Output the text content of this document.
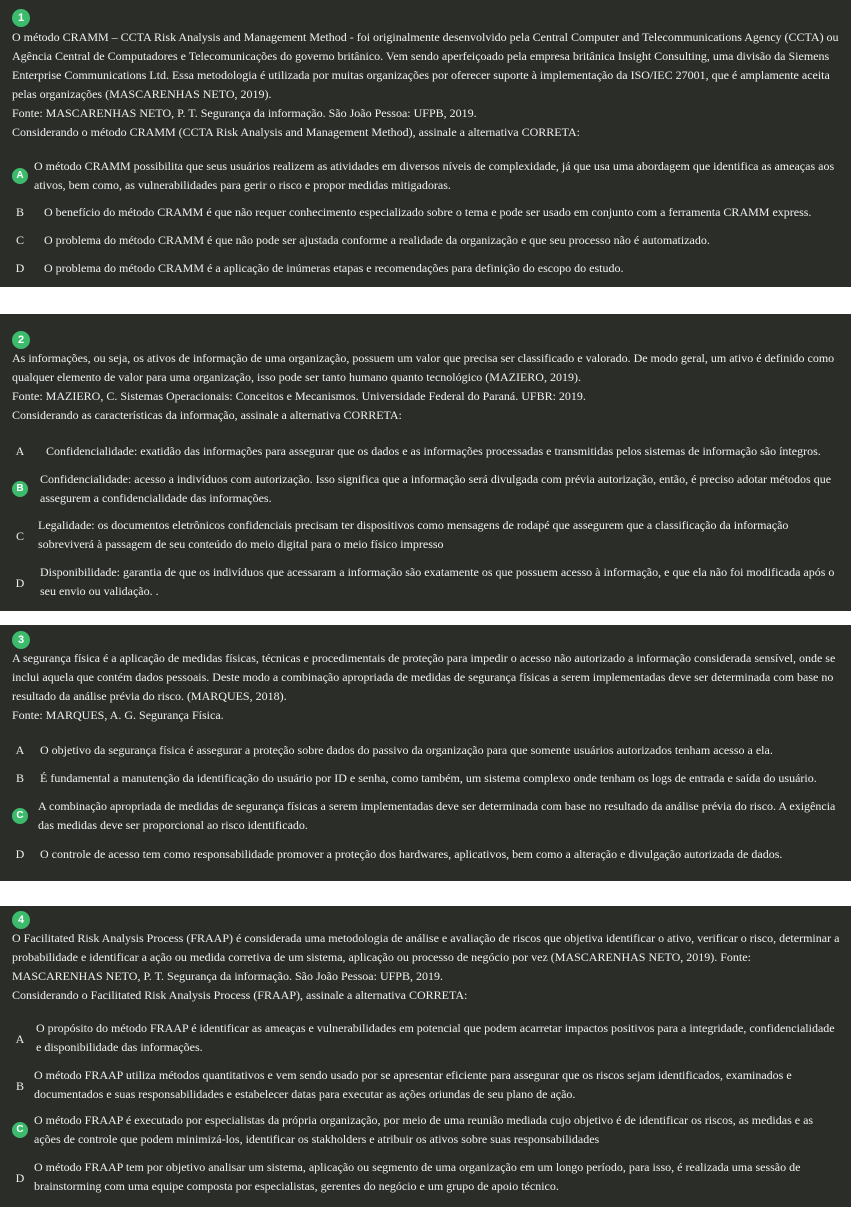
1

O método CRAMM – CCTA Risk Analysis and Management Method - foi originalmente desenvolvido pela Central Computer and Telecommunications Agency (CCTA) ou Agência Central de Computadores e Telecomunicações do governo britânico. Vem sendo aperfeiçoado pela empresa britânica Insight Consulting, uma divisão da Siemens Enterprise Communications Ltd. Essa metodologia é utilizada por muitas organizações por oferecer suporte à implementação da ISO/IEC 27001, que é amplamente aceita pelas organizações (MASCARENHAS NETO, 2019).

Fonte: MASCARENHAS NETO, P. T. Segurança da informação. São João Pessoa: UFPB, 2019.

Considerando o método CRAMM (CCTA Risk Analysis and Management Method), assinale a alternativa CORRETA:

A
O método CRAMM possibilita que seus usuários realizem as atividades em diversos níveis de complexidade, já que usa uma abordagem que identifica as ameaças aos ativos, bem como, as vulnerabilidades para gerir o risco e propor medidas mitigadoras.
B	O benefício do método CRAMM é que não requer conhecimento especializado sobre o tema e pode ser usado em conjunto com a ferramenta CRAMM express.
C	O problema do método CRAMM é que não pode ser ajustada conforme a realidade da organização e que seu processo não é automatizado.
D	O problema do método CRAMM é a aplicação de inúmeras etapas e recomendações para definição do escopo do estudo.
2

As informações, ou seja, os ativos de informação de uma organização, possuem um valor que precisa ser classificado e valorado. De modo geral, um ativo é definido como qualquer elemento de valor para uma organização, isso pode ser tanto humano quanto tecnológico (MAZIERO, 2019).

Fonte: MAZIERO, C. Sistemas Operacionais: Conceitos e Mecanismos. Universidade Federal do Paraná. UFBR: 2019.

Considerando as características da informação, assinale a alternativa CORRETA:

A	Confidencialidade: exatidão das informações para assegurar que os dados e as informações processadas e transmitidas pelos sistemas de informação são íntegros.
B
Confidencialidade: acesso a indivíduos com autorização. Isso significa que a informação será divulgada com prévia autorização, então, é preciso adotar métodos que assegurem a confidencialidade das informações.
C
Legalidade: os documentos eletrônicos confidenciais precisam ter dispositivos como mensagens de rodapé que assegurem que a classificação da informação sobreviverá à passagem de seu conteúdo do meio digital para o meio físico impresso
D
Disponibilidade: garantia de que os indivíduos que acessaram a informação são exatamente os que possuem acesso à informação, e que ela não foi modificada após o seu envio ou validação. .
3

A segurança física é a aplicação de medidas físicas, técnicas e procedimentais de proteção para impedir o acesso não autorizado a informação considerada sensível, onde se inclui aquela que contém dados pessoais. Deste modo a combinação apropriada de medidas de segurança físicas a serem implementadas deve ser determinada com base no resultado da análise prévia do risco. (MARQUES, 2018).

Fonte: MARQUES, A. G. Segurança Física.

A	O objetivo da segurança física é assegurar a proteção sobre dados do passivo da organização para que somente usuários autorizados tenham acesso a ela.
B	É fundamental a manutenção da identificação do usuário por ID e senha, como também, um sistema complexo onde tenham os logs de entrada e saída do usuário.
C
A combinação apropriada de medidas de segurança físicas a serem implementadas deve ser determinada com base no resultado da análise prévia do risco. A exigência das medidas deve ser proporcional ao risco identificado.
D	O controle de acesso tem como responsabilidade promover a proteção dos hardwares, aplicativos, bem como a alteração e divulgação autorizada de dados.
4

O Facilitated Risk Analysis Process (FRAAP) é considerada uma metodologia de análise e avaliação de riscos que objetiva identificar o ativo, verificar o risco, determinar a probabilidade e identificar a ação ou medida corretiva de um sistema, aplicação ou processo de negócio por vez (MASCARENHAS NETO, 2019). Fonte: MASCARENHAS NETO, P. T. Segurança da informação. São João Pessoa: UFPB, 2019.

Considerando o Facilitated Risk Analysis Process (FRAAP), assinale a alternativa CORRETA:

A
O propósito do método FRAAP é identificar as ameaças e vulnerabilidades em potencial que podem acarretar impactos positivos para a integridade, confidencialidade e disponibilidade das informações.
B
O método FRAAP utiliza métodos quantitativos e vem sendo usado por se apresentar eficiente para assegurar que os riscos sejam identificados, examinados e documentados e suas responsabilidades e estabelecer datas para executar as ações oriundas de seu plano de ação.
C
O método FRAAP é executado por especialistas da própria organização, por meio de uma reunião mediada cujo objetivo é de identificar os riscos, as medidas e as ações de controle que podem minimizá-los, identificar os stakholders e atribuir os ativos sobre suas responsabilidades
D
O método FRAAP tem por objetivo analisar um sistema, aplicação ou segmento de uma organização em um longo período, para isso, é realizada uma sessão de brainstorming com uma equipe composta por especialistas, gerentes do negócio e um grupo de apoio técnico.
